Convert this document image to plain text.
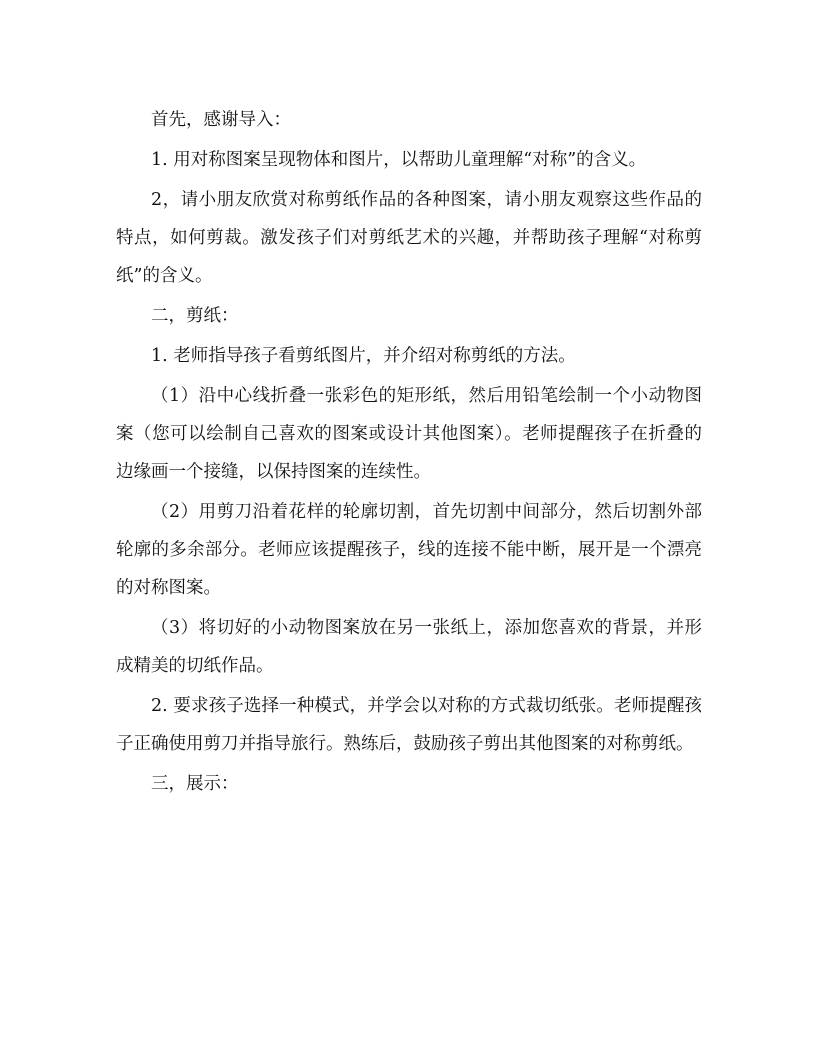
首先，感谢导入：

1. 用对称图案呈现物体和图片，以帮助儿童理解“对称”的含义。

2，请小朋友欣赏对称剪纸作品的各种图案，请小朋友观察这些作品的特点，如何剪裁。激发孩子们对剪纸艺术的兴趣，并帮助孩子理解“对称剪纸”的含义。

二，剪纸：

1. 老师指导孩子看剪纸图片，并介绍对称剪纸的方法。

（1）沿中心线折叠一张彩色的矩形纸，然后用铅笔绘制一个小动物图案（您可以绘制自己喜欢的图案或设计其他图案）。老师提醒孩子在折叠的边缘画一个接缝，以保持图案的连续性。

（2）用剪刀沿着花样的轮廓切割，首先切割中间部分，然后切割外部轮廓的多余部分。老师应该提醒孩子，线的连接不能中断，展开是一个漂亮的对称图案。

（3）将切好的小动物图案放在另一张纸上，添加您喜欢的背景，并形成精美的切纸作品。

2. 要求孩子选择一种模式，并学会以对称的方式裁切纸张。老师提醒孩子正确使用剪刀并指导旅行。熟练后，鼓励孩子剪出其他图案的对称剪纸。

三，展示：
